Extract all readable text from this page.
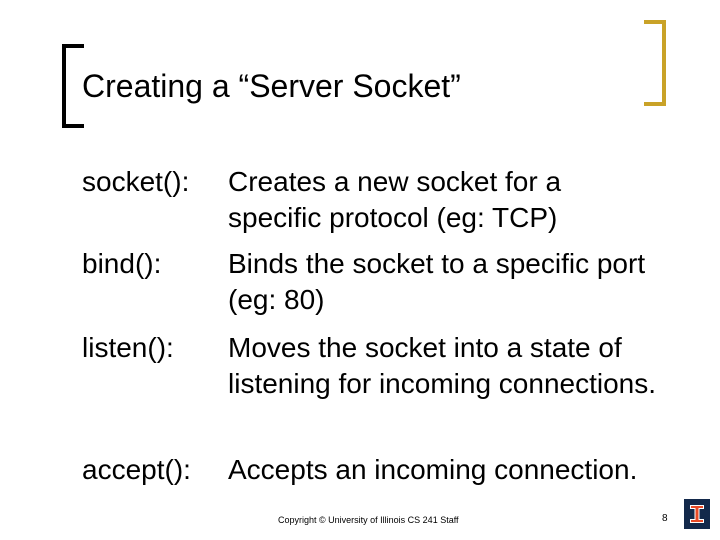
Creating a “Server Socket”
socket(): Creates a new socket for a specific protocol (eg: TCP)
bind(): Binds the socket to a specific port (eg: 80)
listen(): Moves the socket into a state of listening for incoming connections.
accept(): Accepts an incoming connection.
Copyright © University of Illinois CS 241 Staff	8
